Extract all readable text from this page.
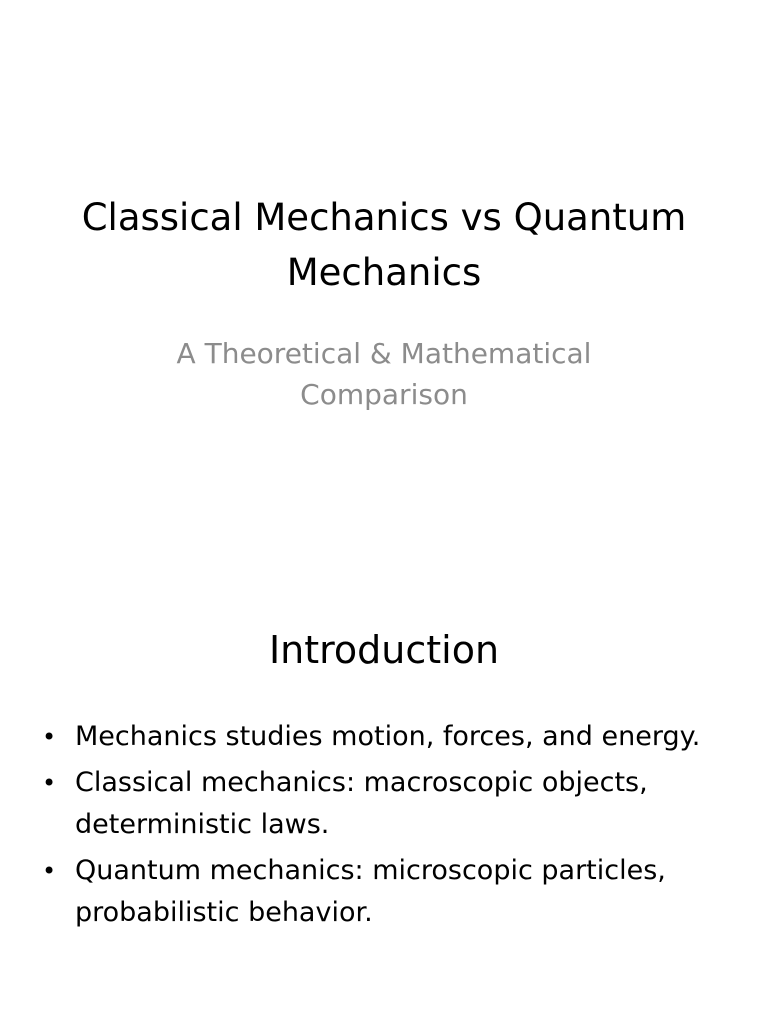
Classical Mechanics vs Quantum Mechanics

A Theoretical & Mathematical Comparison

Introduction
• Mechanics studies motion, forces, and energy.
• Classical mechanics: macroscopic objects, deterministic laws.
• Quantum mechanics: microscopic particles, probabilistic behavior.
